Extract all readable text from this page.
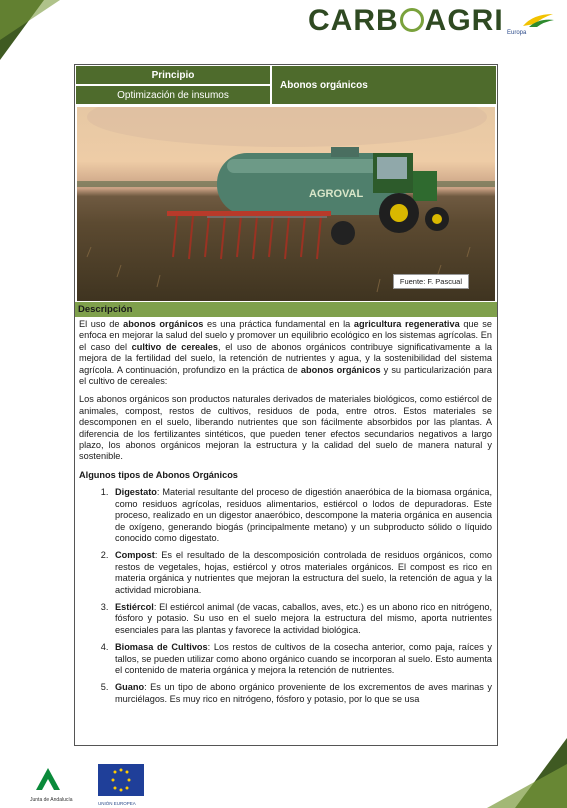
CARB AGRI Europa
Principio
Optimización de insumos
Abonos orgánicos
AGROVAL
Fuente: F. Pascual
Descripción

El uso de abonos orgánicos es una práctica fundamental en la agricultura regenerativa que se enfoca en mejorar la salud del suelo y promover un equilibrio ecológico en los sistemas agrícolas. En el caso del cultivo de cereales, el uso de abonos orgánicos contribuye significativamente a la mejora de la fertilidad del suelo, la retención de nutrientes y agua, y la sostenibilidad del sistema agrícola. A continuación, profundizo en la práctica de abonos orgánicos y su particularización para el cultivo de cereales:

Los abonos orgánicos son productos naturales derivados de materiales biológicos, como estiércol de animales, compost, restos de cultivos, residuos de poda, entre otros. Estos materiales se descomponen en el suelo, liberando nutrientes que son fácilmente absorbidos por las plantas. A diferencia de los fertilizantes sintéticos, que pueden tener efectos secundarios negativos a largo plazo, los abonos orgánicos mejoran la estructura y la calidad del suelo de manera natural y sostenible.

Algunos tipos de Abonos Orgánicos
1. Digestato: Material resultante del proceso de digestión anaeróbica de la biomasa orgánica, como residuos agrícolas, residuos alimentarios, estiércol o lodos de depuradoras. Este proceso, realizado en un digestor anaeróbico, descompone la materia orgánica en ausencia de oxígeno, generando biogás (principalmente metano) y un subproducto sólido o líquido conocido como digestato.
2. Compost: Es el resultado de la descomposición controlada de residuos orgánicos, como restos de vegetales, hojas, estiércol y otros materiales orgánicos. El compost es rico en materia orgánica y nutrientes que mejoran la estructura del suelo, la retención de agua y la actividad microbiana.
3. Estiércol: El estiércol animal (de vacas, caballos, aves, etc.) es un abono rico en nitrógeno, fósforo y potasio. Su uso en el suelo mejora la estructura del mismo, aporta nutrientes esenciales para las plantas y favorece la actividad biológica.
4. Biomasa de Cultivos: Los restos de cultivos de la cosecha anterior, como paja, raíces y tallos, se pueden utilizar como abono orgánico cuando se incorporan al suelo. Esto aumenta el contenido de materia orgánica y mejora la retención de nutrientes.
5. Guano: Es un tipo de abono orgánico proveniente de los excrementos de aves marinas y murciélagos. Es muy rico en nitrógeno, fósforo y potasio, por lo que se usa
Junta de Andalucía
UNIÓN EUROPEA
